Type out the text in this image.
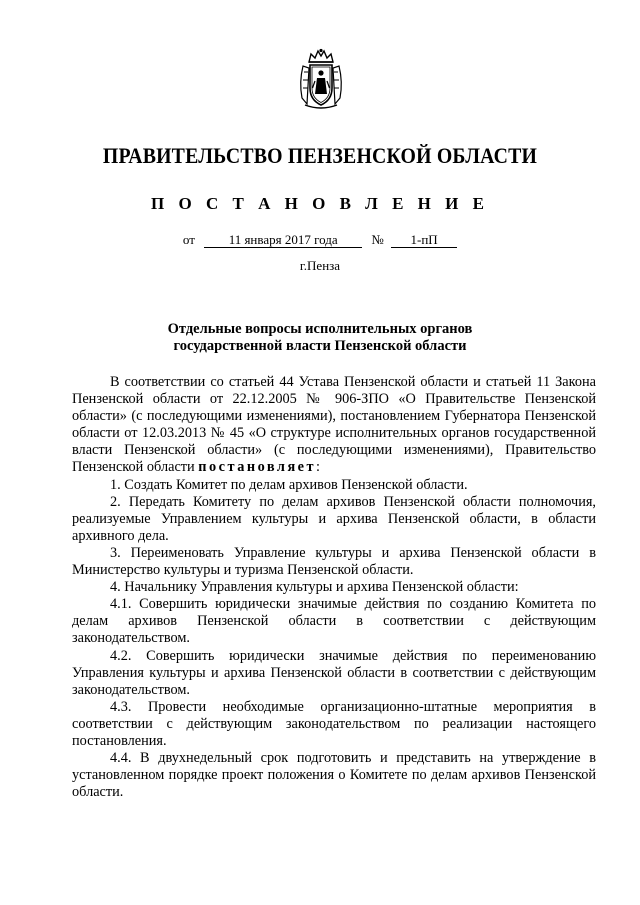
ПРАВИТЕЛЬСТВО ПЕНЗЕНСКОЙ ОБЛАСТИ
П О С Т А Н О В Л Е Н И Е
от	11 января 2017 года	№ 1-пП
г.Пенза
Отдельные вопросы исполнительных органов
государственной власти Пензенской области

В соответствии со статьей 44 Устава Пензенской области и статьей 11 Закона Пензенской области от 22.12.2005 № 906-ЗПО «О Правительстве Пензенской области» (с последующими изменениями), постановлением Губернатора Пензенской области от 12.03.2013 № 45 «О структуре исполнительных органов государственной власти Пензенской области» (с последующими изменениями), Правительство Пензенской области постановляет:

1. Создать Комитет по делам архивов Пензенской области.

2. Передать Комитету по делам архивов Пензенской области полномочия, реализуемые Управлением культуры и архива Пензенской области, в области архивного дела.

3. Переименовать Управление культуры и архива Пензенской области в Министерство культуры и туризма Пензенской области.

4. Начальнику Управления культуры и архива Пензенской области:

4.1. Совершить юридически значимые действия по созданию Комитета по делам архивов Пензенской области в соответствии с действующим законодательством.

4.2. Совершить юридически значимые действия по переименованию Управления культуры и архива Пензенской области в соответствии с действующим законодательством.

4.3. Провести необходимые организационно-штатные мероприятия в соответствии с действующим законодательством по реализации настоящего постановления.

4.4. В двухнедельный срок подготовить и представить на утверждение в установленном порядке проект положения о Комитете по делам архивов Пензенской области.
